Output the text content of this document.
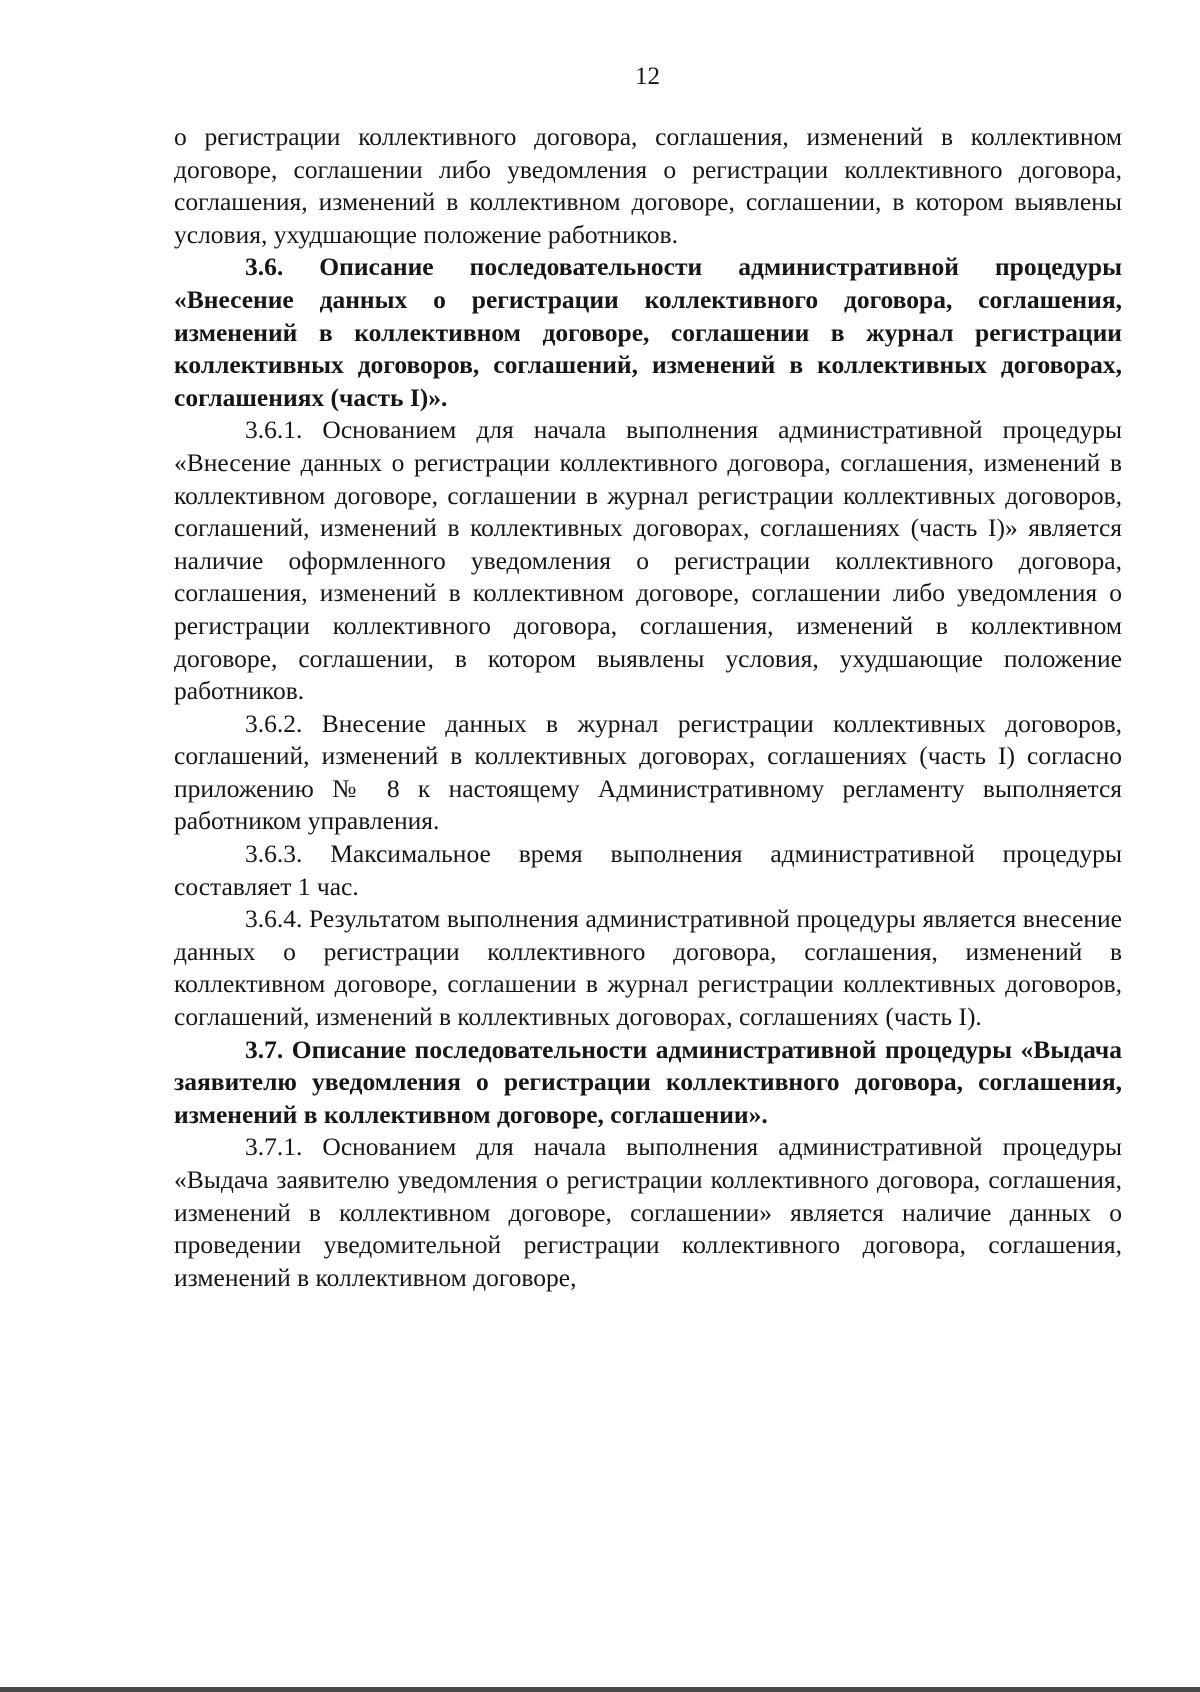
12

о регистрации коллективного договора, соглашения, изменений в коллективном договоре, соглашении либо уведомления о регистрации коллективного договора, соглашения, изменений в коллективном договоре, соглашении, в котором выявлены условия, ухудшающие положение работников.

3.6. Описание последовательности административной процедуры «Внесение данных о регистрации коллективного договора, соглашения, изменений в коллективном договоре, соглашении в журнал регистрации коллективных договоров, соглашений, изменений в коллективных договорах, соглашениях (часть I)».

3.6.1. Основанием для начала выполнения административной процедуры «Внесение данных о регистрации коллективного договора, соглашения, изменений в коллективном договоре, соглашении в журнал регистрации коллективных договоров, соглашений, изменений в коллективных договорах, соглашениях (часть I)» является наличие оформленного уведомления о регистрации коллективного договора, соглашения, изменений в коллективном договоре, соглашении либо уведомления о регистрации коллективного договора, соглашения, изменений в коллективном договоре, соглашении, в котором выявлены условия, ухудшающие положение работников.

3.6.2. Внесение данных в журнал регистрации коллективных договоров, соглашений, изменений в коллективных договорах, соглашениях (часть I) согласно приложению № 8 к настоящему Административному регламенту выполняется работником управления.

3.6.3. Максимальное время выполнения административной процедуры составляет 1 час.

3.6.4. Результатом выполнения административной процедуры является внесение данных о регистрации коллективного договора, соглашения, изменений в коллективном договоре, соглашении в журнал регистрации коллективных договоров, соглашений, изменений в коллективных договорах, соглашениях (часть I).

3.7. Описание последовательности административной процедуры «Выдача заявителю уведомления о регистрации коллективного договора, соглашения, изменений в коллективном договоре, соглашении».

3.7.1. Основанием для начала выполнения административной процедуры «Выдача заявителю уведомления о регистрации коллективного договора, соглашения, изменений в коллективном договоре, соглашении» является наличие данных о проведении уведомительной регистрации коллективного договора, соглашения, изменений в коллективном договоре,
